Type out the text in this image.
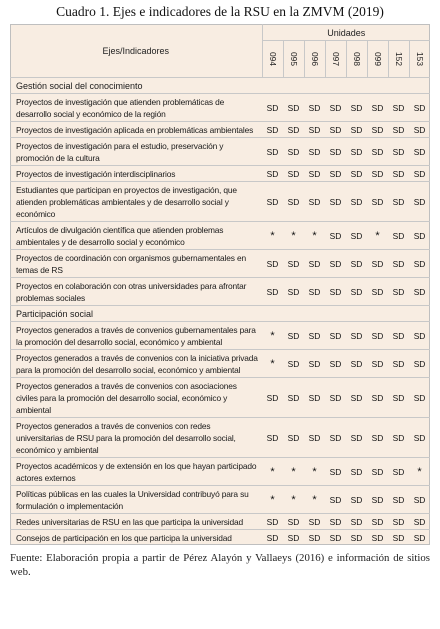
Cuadro 1. Ejes e indicadores de la RSU en la ZMVM (2019)
Ejes/Indicadores	Unidades							
	094	095	096	097	098	099	152	153
Gestión social del conocimiento								
Proyectos de investigación que atienden problemáticas de desarrollo social y económico de la región	SD	SD	SD	SD	SD	SD	SD	SD
Proyectos de investigación aplicada en problemáticas ambientales	SD	SD	SD	SD	SD	SD	SD	SD
Proyectos de investigación para el estudio, preservación y promoción de la cultura	SD	SD	SD	SD	SD	SD	SD	SD
Proyectos de investigación interdisciplinarios	SD	SD	SD	SD	SD	SD	SD	SD
Estudiantes que participan en proyectos de investigación, que atienden problemáticas ambientales y de desarrollo social y económico	SD	SD	SD	SD	SD	SD	SD	SD
Artículos de divulgación científica que atienden problemas ambientales y de desarrollo social y económico	*	*	*	SD	SD	*	SD	SD
Proyectos de coordinación con organismos gubernamentales en temas de RS	SD	SD	SD	SD	SD	SD	SD	SD
Proyectos en colaboración con otras universidades para afrontar problemas sociales	SD	SD	SD	SD	SD	SD	SD	SD
Participación social								
Proyectos generados a través de convenios gubernamentales para la promoción del desarrollo social, económico y ambiental	*	SD	SD	SD	SD	SD	SD	SD
Proyectos generados a través de convenios con la iniciativa privada para la promoción del desarrollo social, económico y ambiental	*	SD	SD	SD	SD	SD	SD	SD
Proyectos generados a través de convenios con asociaciones civiles para la promoción del desarrollo social, económico y ambiental	SD	SD	SD	SD	SD	SD	SD	SD
Proyectos generados a través de convenios con redes universitarias de RSU para la promoción del desarrollo social, económico y ambiental	SD	SD	SD	SD	SD	SD	SD	SD
Proyectos académicos y de extensión en los que hayan participado actores externos	*	*	*	SD	SD	SD	SD	*
Políticas públicas en las cuales la Universidad contribuyó para su formulación o implementación	*	*	*	SD	SD	SD	SD	SD
Redes universitarias de RSU en las que participa la universidad	SD	SD	SD	SD	SD	SD	SD	SD
Consejos de participación en los que participa la universidad	SD	SD	SD	SD	SD	SD	SD	SD
Fuente: Elaboración propia a partir de Pérez Alayón y Vallaeys (2016) e información de sitios web.
